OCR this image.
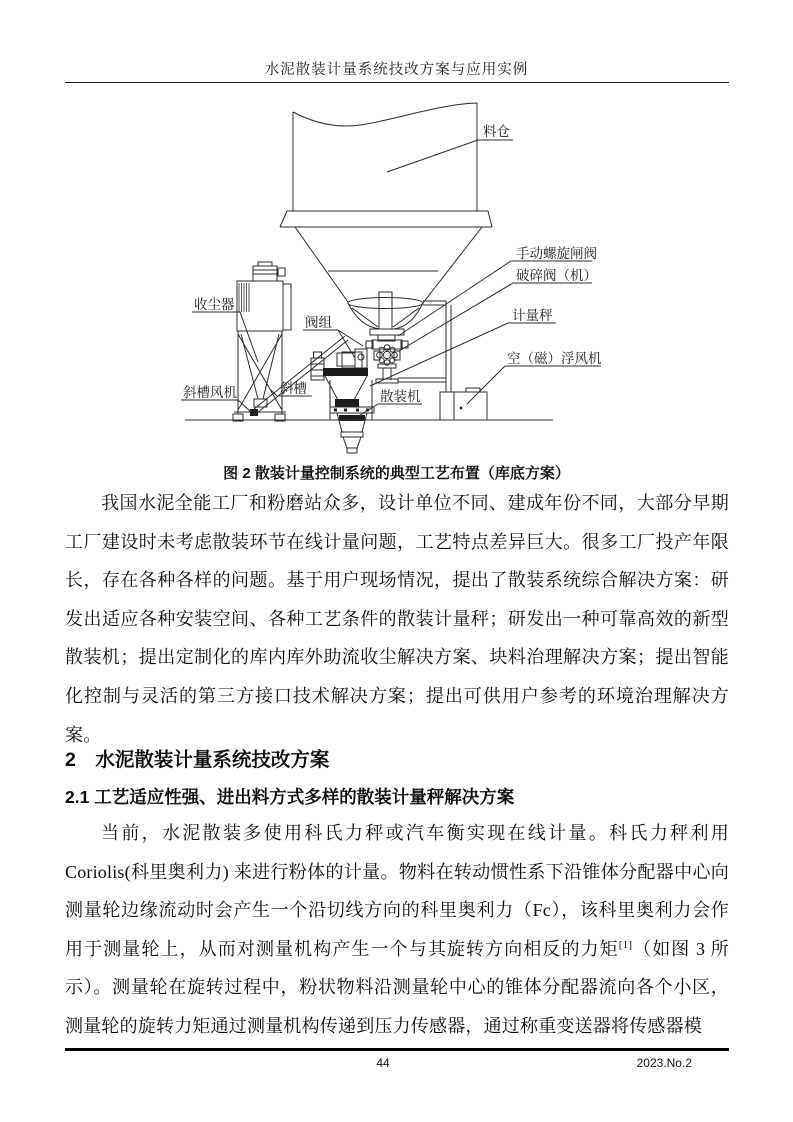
水泥散装计量系统技改方案与应用实例
料仓
手动螺旋闸阀
破碎阀（机）
计量秤
空（磁）浮风机
收尘器
阀组
斜槽风机	斜槽
散装机
图 2 散装计量控制系统的典型工艺布置（库底方案）

我国水泥全能工厂和粉磨站众多，设计单位不同、建成年份不同，大部分早期工厂建设时未考虑散装环节在线计量问题，工艺特点差异巨大。很多工厂投产年限长，存在各种各样的问题。基于用户现场情况，提出了散装系统综合解决方案：研发出适应各种安装空间、各种工艺条件的散装计量秤；研发出一种可靠高效的新型散装机；提出定制化的库内库外助流收尘解决方案、块料治理解决方案；提出智能化控制与灵活的第三方接口技术解决方案；提出可供用户参考的环境治理解决方案。

2　水泥散装计量系统技改方案
2.1 工艺适应性强、进出料方式多样的散装计量秤解决方案

当前，水泥散装多使用科氏力秤或汽车衡实现在线计量。科氏力秤利用Coriolis(科里奥利力) 来进行粉体的计量。物料在转动惯性系下沿锥体分配器中心向测量轮边缘流动时会产生一个沿切线方向的科里奥利力（Fc），该科里奥利力会作用于测量轮上，从而对测量机构产生一个与其旋转方向相反的力矩[1]（如图 3 所示）。测量轮在旋转过程中，粉状物料沿测量轮中心的锥体分配器流向各个小区，测量轮的旋转力矩通过测量机构传递到压力传感器，通过称重变送器将传感器模

44	2023.No.2
